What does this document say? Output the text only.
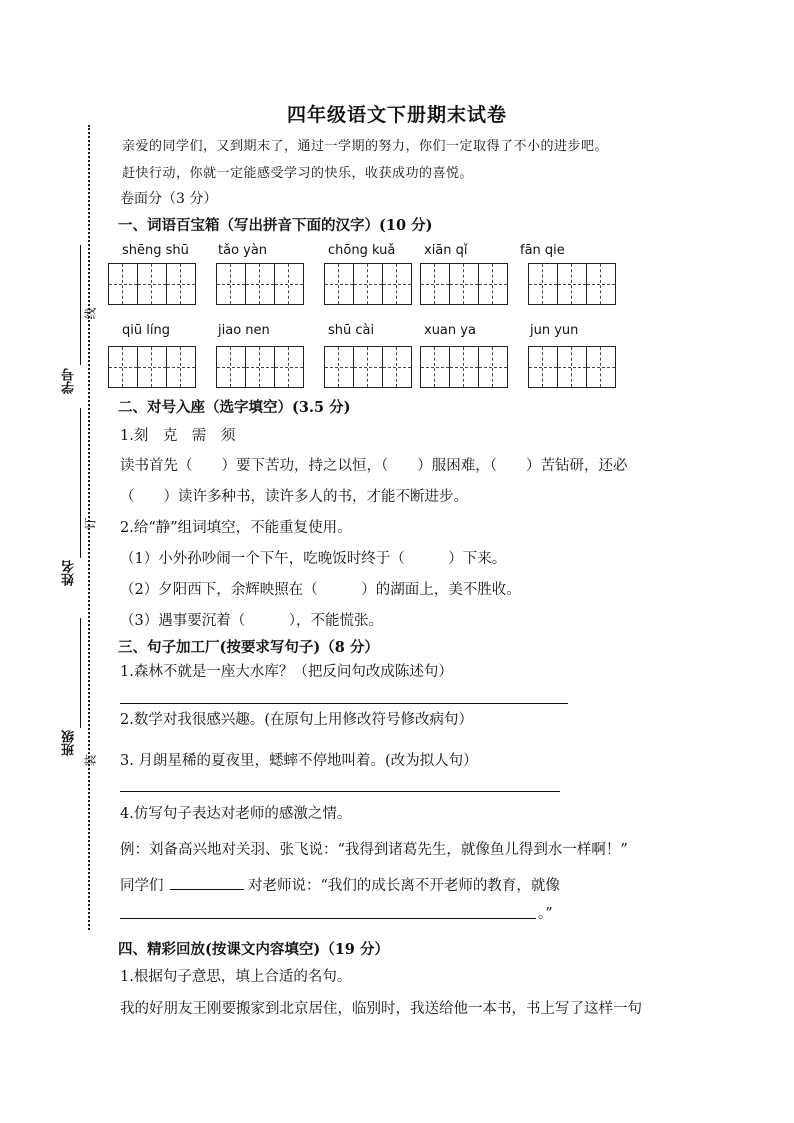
学号
线
姓名
订
班级
装
四年级语文下册期末试卷
亲爱的同学们，又到期末了，通过一学期的努力，你们一定取得了不小的进步吧。
赶快行动，你就一定能感受学习的快乐，收获成功的喜悦。
卷面分（3 分）
一、词语百宝箱（写出拼音下面的汉字）(10 分)
shēng shū tǎo yàn	chōng kuǎ xiān qǐ	fān qie
qiū líng	jiao nen	shū cài	xuan ya	jun yun
二、对号入座（选字填空）(3.5 分)
1.刻　克　需　须
读书首先（　　）要下苦功，持之以恒，（　　）服困难，（　　）苦钻研，还必
（　　）读许多种书，读许多人的书，才能不断进步。
2.给“静”组词填空，不能重复使用。
（1）小外孙吵闹一个下午，吃晚饭时终于（　　　）下来。
（2）夕阳西下，余辉映照在（　　　）的湖面上，美不胜收。
（3）遇事要沉着（　　　），不能慌张。
三、句子加工厂(按要求写句子)（8 分）
1.森林不就是一座大水库？（把反问句改成陈述句）
2.数学对我很感兴趣。(在原句上用修改符号修改病句）
3. 月朗星稀的夏夜里，蟋蟀不停地叫着。(改为拟人句）
4.仿写句子表达对老师的感激之情。
例：刘备高兴地对关羽、张飞说：“我得到诸葛先生，就像鱼儿得到水一样啊！”
同学们	对老师说：“我们的成长离不开老师的教育，就像
。”
四、精彩回放(按课文内容填空)（19 分）
1.根据句子意思，填上合适的名句。
我的好朋友王刚要搬家到北京居住，临别时，我送给他一本书，书上写了这样一句
